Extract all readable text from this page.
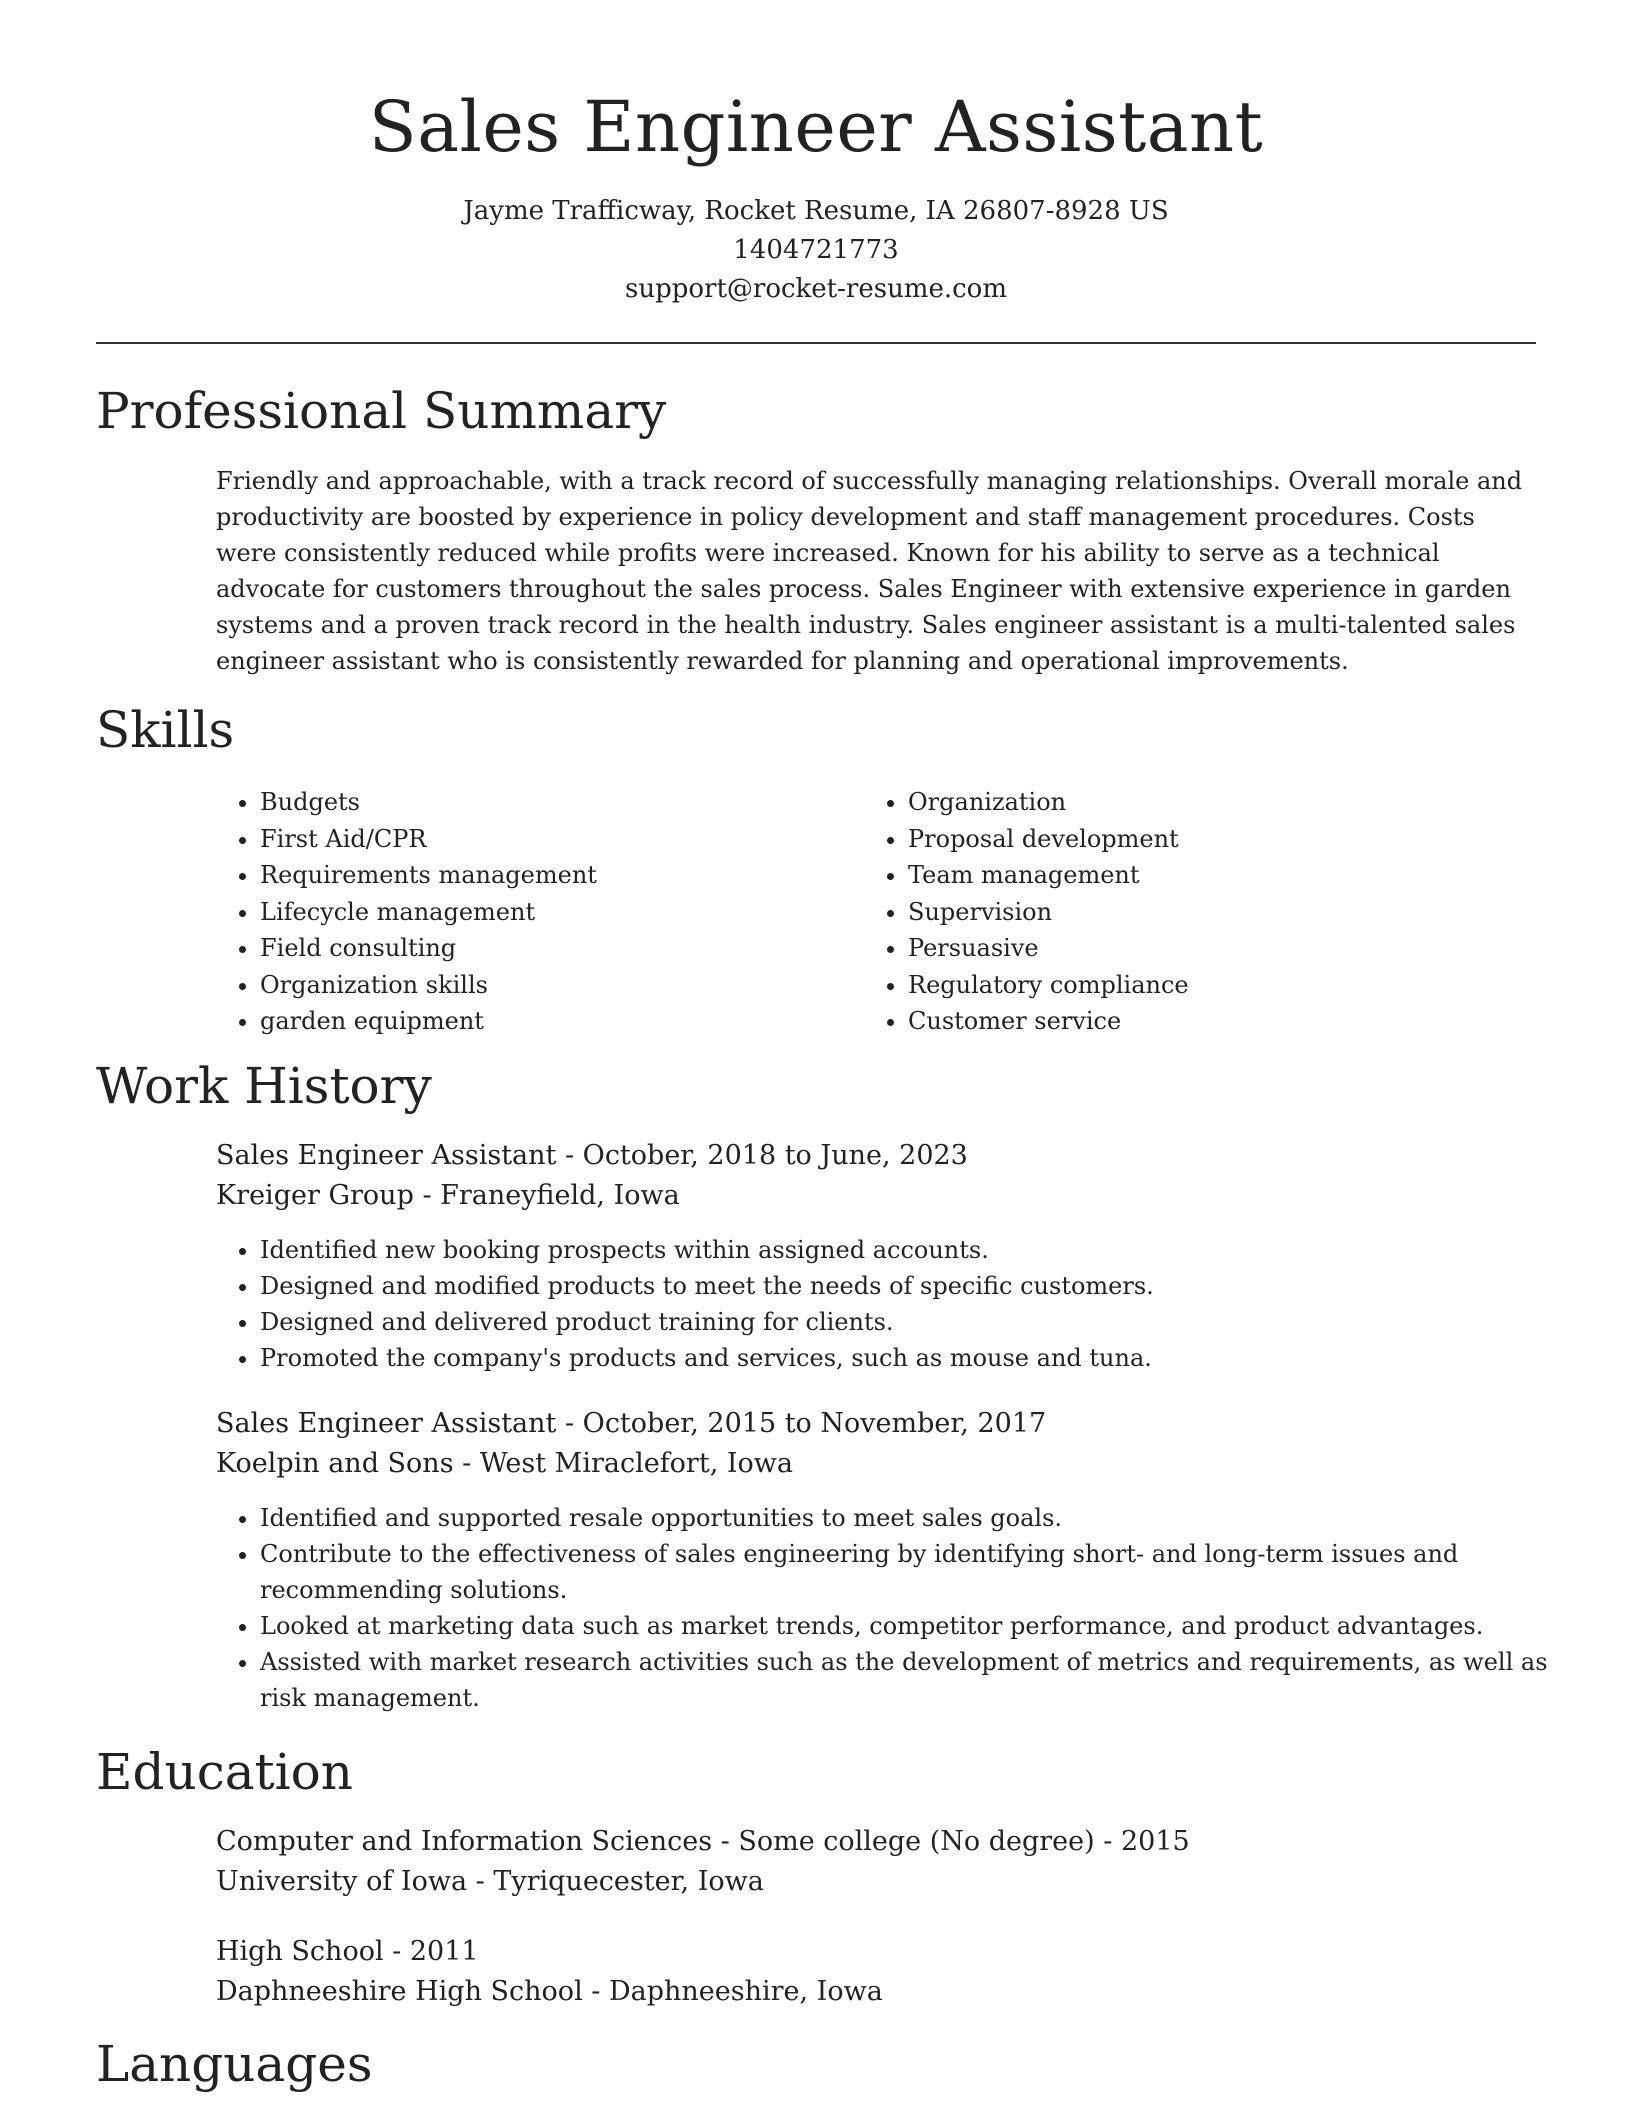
Sales Engineer Assistant
Jayme Trafficway, Rocket Resume, IA 26807-8928 US
1404721773
support@rocket-resume.com
Professional Summary

Friendly and approachable, with a track record of successfully managing relationships. Overall morale and productivity are boosted by experience in policy development and staff management procedures. Costs were consistently reduced while profits were increased. Known for his ability to serve as a technical advocate for customers throughout the sales process. Sales Engineer with extensive experience in garden systems and a proven track record in the health industry. Sales engineer assistant is a multi-talented sales engineer assistant who is consistently rewarded for planning and operational improvements.

Skills
• Budgets
• First Aid/CPR
• Requirements management
• Lifecycle management
• Field consulting
• Organization skills
• garden equipment
• Organization
• Proposal development
• Team management
• Supervision
• Persuasive
• Regulatory compliance
• Customer service
Work History
Sales Engineer Assistant - October, 2018 to June, 2023
Kreiger Group - Franeyfield, Iowa
• Identified new booking prospects within assigned accounts.
• Designed and modified products to meet the needs of specific customers.
• Designed and delivered product training for clients.
• Promoted the company's products and services, such as mouse and tuna.
Sales Engineer Assistant - October, 2015 to November, 2017
Koelpin and Sons - West Miraclefort, Iowa
• Identified and supported resale opportunities to meet sales goals.
• Contribute to the effectiveness of sales engineering by identifying short- and long-term issues and recommending solutions.
• Looked at marketing data such as market trends, competitor performance, and product advantages.
• Assisted with market research activities such as the development of metrics and requirements, as well as risk management.
Education
Computer and Information Sciences - Some college (No degree) - 2015
University of Iowa - Tyriquecester, Iowa
High School - 2011
Daphneeshire High School - Daphneeshire, Iowa
Languages
